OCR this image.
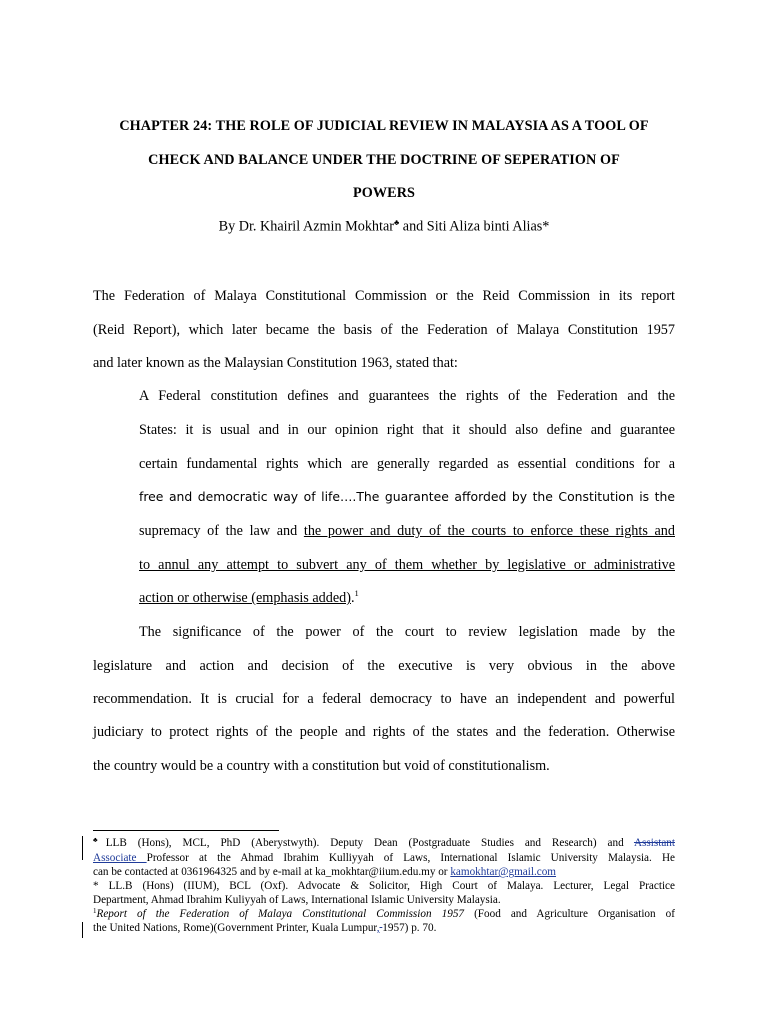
CHAPTER 24: THE ROLE OF JUDICIAL REVIEW IN MALAYSIA AS A TOOL OF
CHECK AND BALANCE UNDER THE DOCTRINE OF SEPERATION OF
POWERS
By Dr. Khairil Azmin Mokhtar♣ and Siti Aliza binti Alias*
The Federation of Malaya Constitutional Commission or the Reid Commission in its report
(Reid Report), which later became the basis of the Federation of Malaya Constitution 1957
and later known as the Malaysian Constitution 1963, stated that:
A Federal constitution defines and guarantees the rights of the Federation and the
States: it is usual and in our opinion right that it should also define and guarantee
certain fundamental rights which are generally regarded as essential conditions for a
free and democratic way of life….The guarantee afforded by the Constitution is the
supremacy of the law and the power and duty of the courts to enforce these rights and
to annul any attempt to subvert any of them whether by legislative or administrative
action or otherwise (emphasis added).$^1$
The significance of the power of the court to review legislation made by the
legislature and action and decision of the executive is very obvious in the above
recommendation. It is crucial for a federal democracy to have an independent and powerful
judiciary to protect rights of the people and rights of the states and the federation. Otherwise
the country would be a country with a constitution but void of constitutionalism.
♣LLB (Hons), MCL, PhD (Aberystwyth). Deputy Dean (Postgraduate Studies and Research) and Assistant
Associate Professor at the Ahmad Ibrahim Kulliyyah of Laws, International Islamic University Malaysia. He
can be contacted at 0361964325 and by e-mail at ka_mokhtar@iium.edu.my or kamokhtar@gmail.com
* LL.B (Hons) (IIUM), BCL (Oxf). Advocate & Solicitor, High Court of Malaya. Lecturer, Legal Practice
Department, Ahmad Ibrahim Kuliyyah of Laws, International Islamic University Malaysia.
$^1$Report of the Federation of Malaya Constitutional Commission 1957 (Food and Agriculture Organisation of
the United Nations, Rome)(Government Printer, Kuala Lumpur, 1957) p. 70.
